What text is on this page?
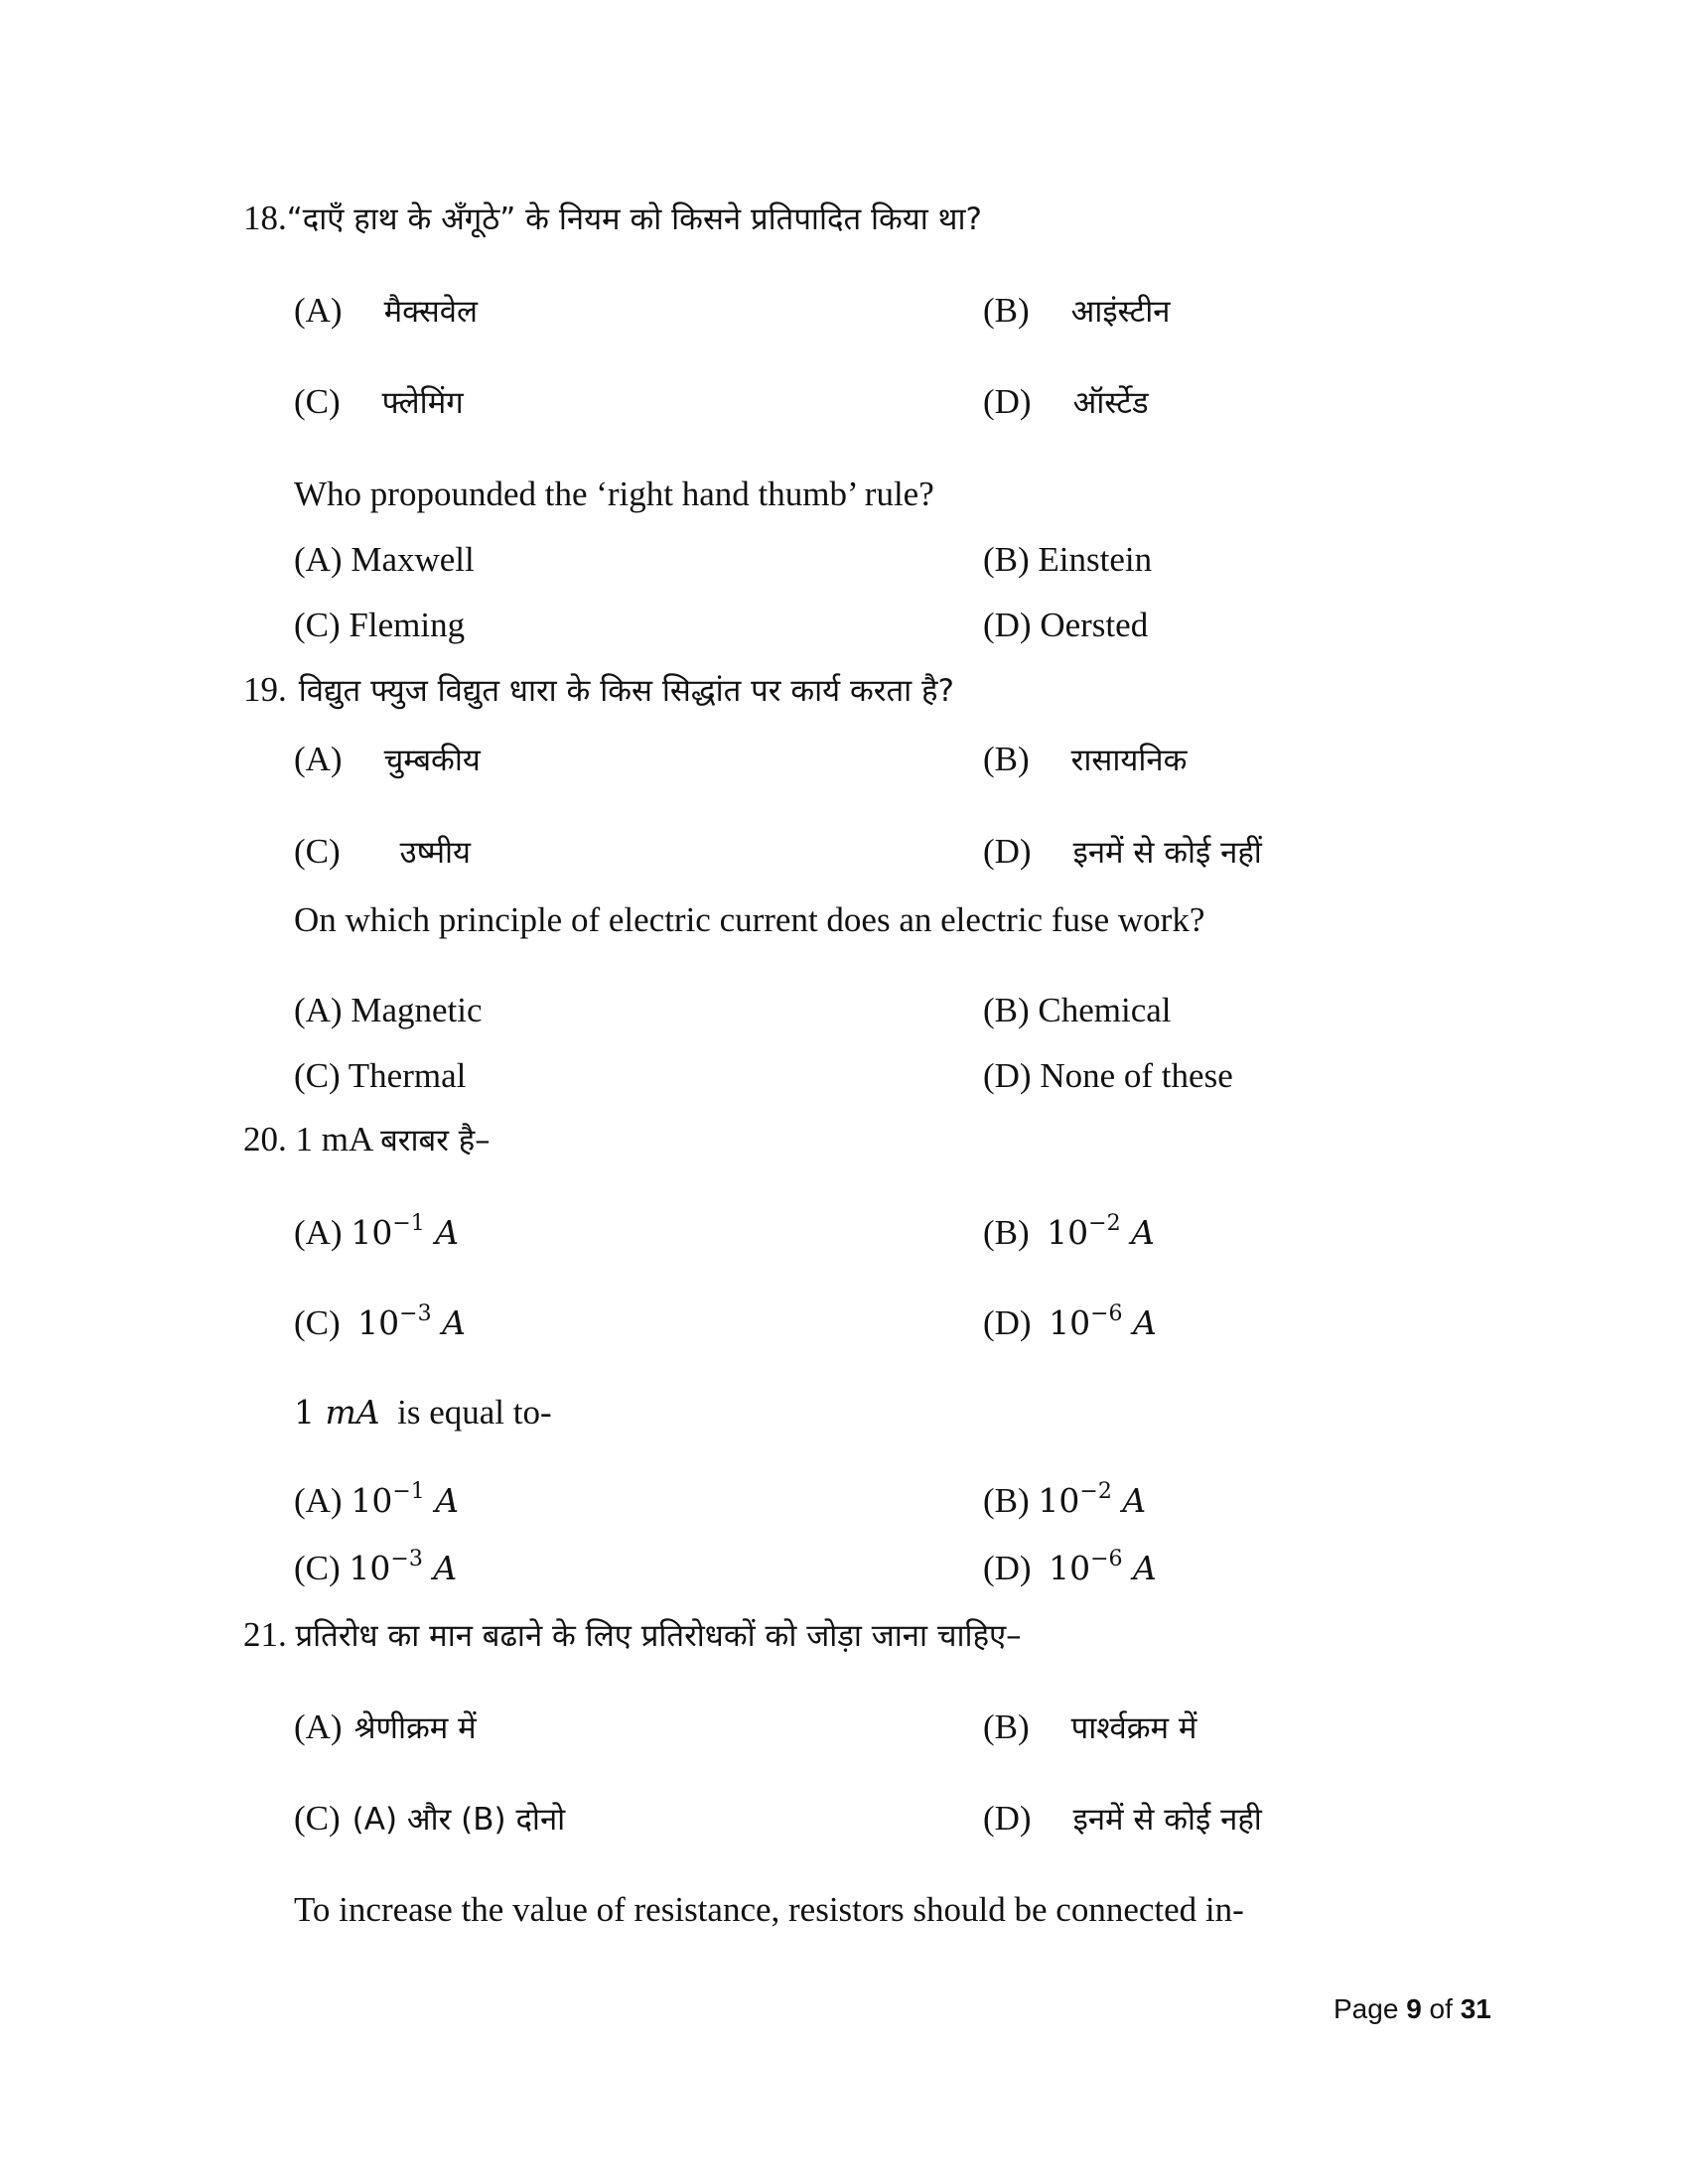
18.“दाएँ हाथ के अँगूठे” के नियम को किसने प्रतिपादित किया था?
(A) मैक्सवेल	(B) आइंस्टीन
(C) फ्लेमिंग	(D) ऑर्स्टेड
Who propounded the ‘right hand thumb’ rule?
(A) Maxwell	(B) Einstein
(C) Fleming	(D) Oersted
19. विद्युत फ्युज विद्युत धारा के किस सिद्धांत पर कार्य करता है?
(A) चुम्बकीय	(B) रासायनिक
(C) उष्मीय	(D) इनमें से कोई नहीं
On which principle of electric current does an electric fuse work?
(A) Magnetic	(B) Chemical
(C) Thermal	(D) None of these
20. 1 mA बराबर है–
(A) $10^{-1}$ A	(B) $10^{-2}$ A
(C) $10^{-3}$ A	(D) $10^{-6}$ A
1 mA is equal to-
(A) $10^{-1}$ A	(B) $10^{-2}$ A
(C) $10^{-3}$ A	(D) $10^{-6}$ A
21. प्रतिरोध का मान बढाने के लिए प्रतिरोधकों को जोड़ा जाना चाहिए–
(A) श्रेणीक्रम में	(B) पार्श्वक्रम में
(C) (A) और (B) दोनो	(D) इनमें से कोई नही
To increase the value of resistance, resistors should be connected in-
Page 9 of 31
